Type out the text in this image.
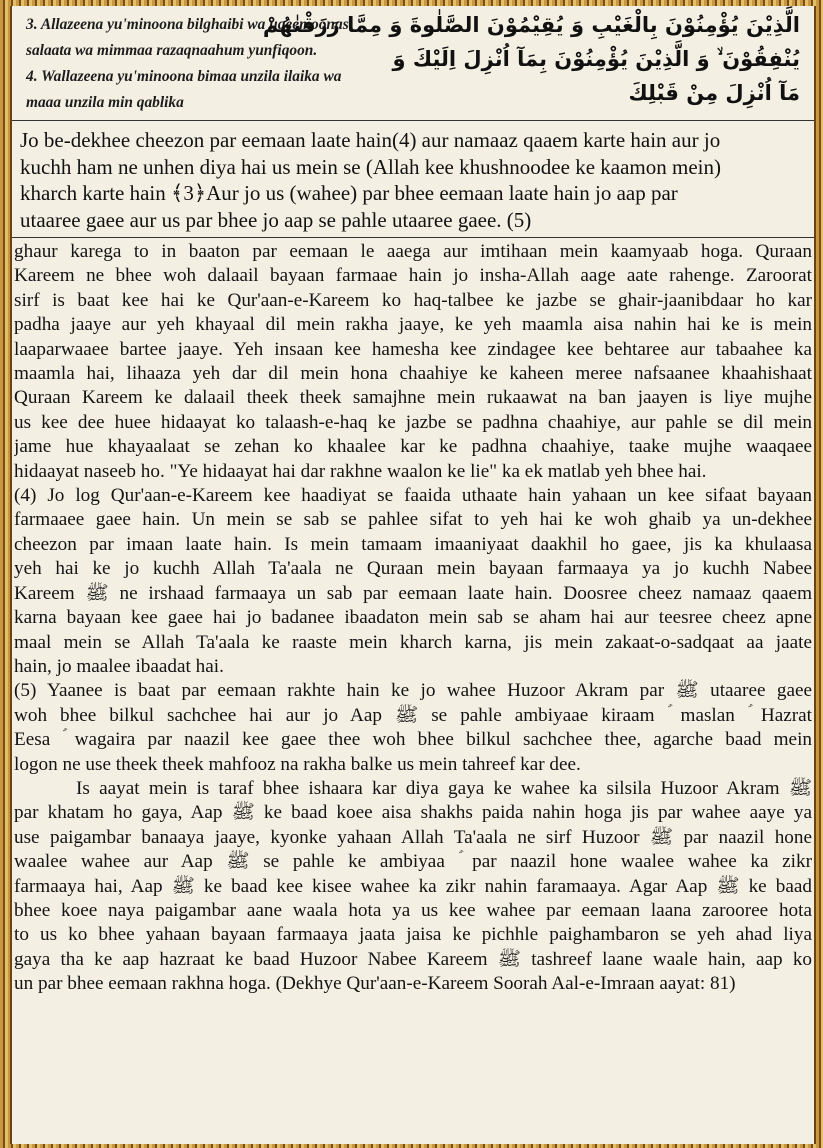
3. Allazeena yu'minoona bilghaibi wa uqeemoonas
salaata wa mimmaa razaqnaahum yunfiqoon.
4. Wallazeena yu'minoona bimaa unzila ilaika wa
maaa unzila min qablika
الَّذِيْنَ يُؤْمِنُوْنَ بِالْغَيْبِ وَ يُقِيْمُوْنَ الصَّلٰوةَ وَ مِمَّا رَزَقْنٰهُمْ
يُنْفِقُوْنَ ۙ وَ الَّذِيْنَ يُؤْمِنُوْنَ بِمَآ اُنْزِلَ اِلَيْكَ وَ
مَآ اُنْزِلَ مِنْ قَبْلِكَ
Jo be-dekhee cheezon par eemaan laate hain(4) aur namaaz qaaem karte hain aur jo
kuchh ham ne unhen diya hai us mein se (Allah kee khushnoodee ke kaamon mein)
kharch karte hain ﴾3﴿Aur jo us (wahee) par bhee eemaan laate hain jo aap par
utaaree gaee aur us par bhee jo aap se pahle utaaree gaee. (5)
ghaur karega to in baaton par eemaan le aaega aur imtihaan mein kaamyaab hoga. Quraan
Kareem ne bhee woh dalaail bayaan farmaae hain jo insha-Allah aage aate rahenge. Zaroorat
sirf is baat kee hai ke Qur'aan-e-Kareem ko haq-talbee ke jazbe se ghair-jaanibdaar ho kar
padha jaaye aur yeh khayaal dil mein rakha jaaye, ke yeh maamla aisa nahin hai ke is mein
laaparwaaee bartee jaaye. Yeh insaan kee hamesha kee zindagee kee behtaree aur tabaahee ka
maamla hai, lihaaza yeh dar dil mein hona chaahiye ke kaheen meree nafsaanee khaahishaat
Quraan Kareem ke dalaail theek theek samajhne mein rukaawat na ban jaayen is liye mujhe
us kee dee huee hidaayat ko talaash-e-haq ke jazbe se padhna chaahiye, aur pahle se dil mein
jame hue khayaalaat se zehan ko khaalee kar ke padhna chaahiye, taake mujhe waaqaee
hidaayat naseeb ho. "Ye hidaayat hai dar rakhne waalon ke lie" ka ek matlab yeh bhee hai.
(4) Jo log Qur'aan-e-Kareem kee haadiyat se faaida uthaate hain yahaan un kee sifaat bayaan
farmaaee gaee hain. Un mein se sab se pahlee sifat to yeh hai ke woh ghaib ya un-dekhee
cheezon par imaan laate hain. Is mein tamaam imaaniyaat daakhil ho gaee, jis ka khulaasa
yeh hai ke jo kuchh Allah Ta'aala ne Quraan mein bayaan farmaaya ya jo kuchh Nabee
Kareem ﷺ ne irshaad farmaaya un sab par eemaan laate hain. Doosree cheez namaaz qaaem
karna bayaan kee gaee hai jo badanee ibaadaton mein sab se aham hai aur teesree cheez apne
maal mein se Allah Ta'aala ke raaste mein kharch karna, jis mein zakaat-o-sadqaat aa jaate
hain, jo maalee ibaadat hai.
(5) Yaanee is baat par eemaan rakhte hain ke jo wahee Huzoor Akram par ﷺ utaaree gaee
woh bhee bilkul sachchee hai aur jo Aap ﷺ se pahle ambiyaae kiraam ؑ maslan ؑ Hazrat
Eesa ؑ wagaira par naazil kee gaee thee woh bhee bilkul sachchee thee, agarche baad mein
logon ne use theek theek mahfooz na rakha balke us mein tahreef kar dee.
Is aayat mein is taraf bhee ishaara kar diya gaya ke wahee ka silsila Huzoor Akram ﷺ
par khatam ho gaya, Aap ﷺ ke baad koee aisa shakhs paida nahin hoga jis par wahee aaye ya
use paigambar banaaya jaaye, kyonke yahaan Allah Ta'aala ne sirf Huzoor ﷺ par naazil hone
waalee wahee aur Aap ﷺ se pahle ke ambiyaa ؑ par naazil hone waalee wahee ka zikr
farmaaya hai, Aap ﷺ ke baad kee kisee wahee ka zikr nahin faramaaya. Agar Aap ﷺ ke baad
bhee koee naya paigambar aane waala hota ya us kee wahee par eemaan laana zarooree hota
to us ko bhee yahaan bayaan farmaaya jaata jaisa ke pichhle paighambaron se yeh ahad liya
gaya tha ke aap hazraat ke baad Huzoor Nabee Kareem ﷺ tashreef laane waale hain, aap ko
un par bhee eemaan rakhna hoga. (Dekhye Qur'aan-e-Kareem Soorah Aal-e-Imraan aayat: 81)
